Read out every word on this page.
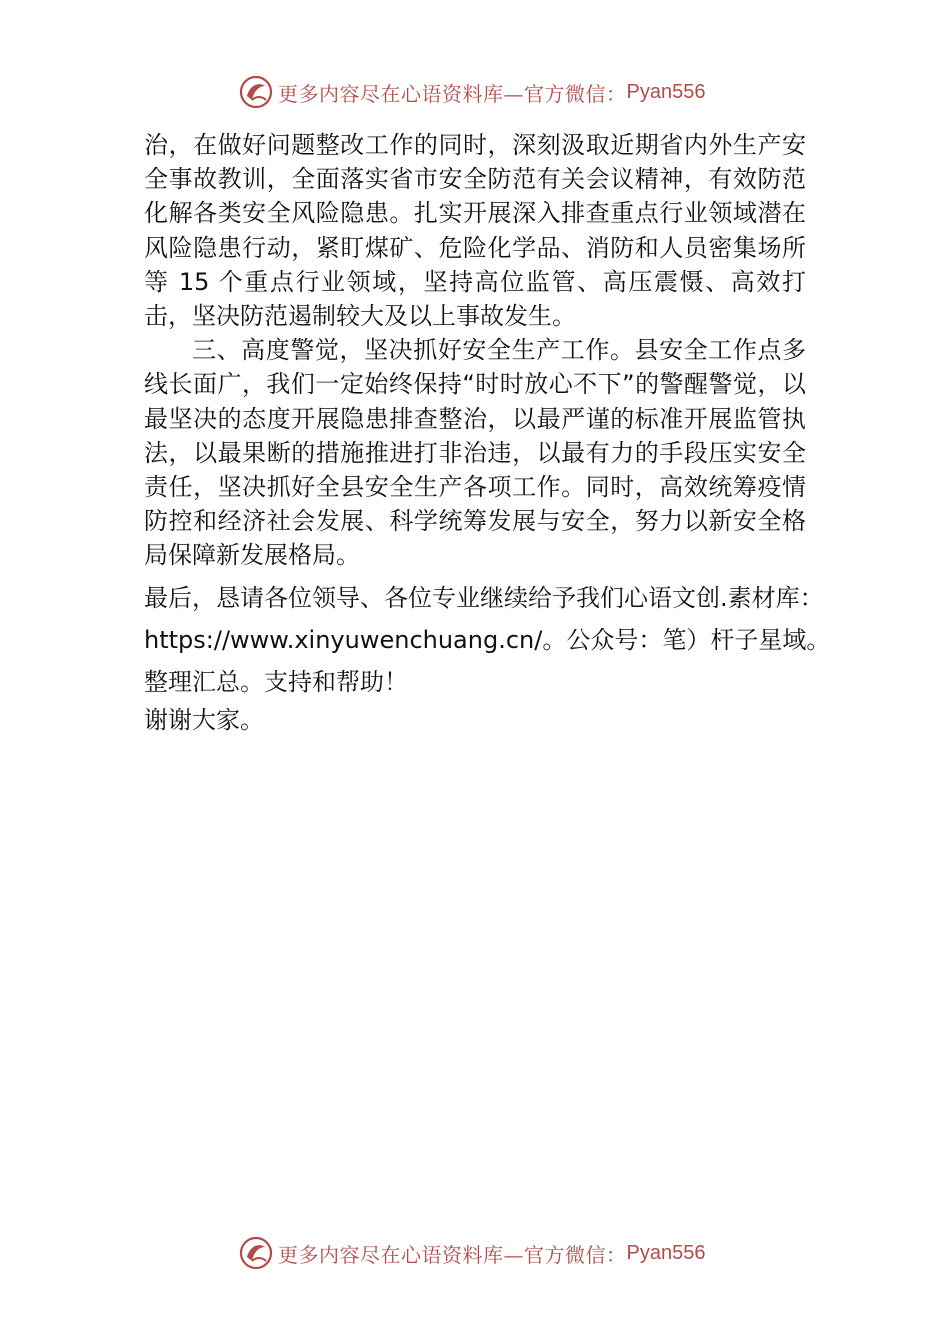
更多内容尽在心语资料库—官方微信： Pyan556

治，在做好问题整改工作的同时，深刻汲取近期省内外生产安全事故教训，全面落实省市安全防范有关会议精神，有效防范化解各类安全风险隐患。扎实开展深入排查重点行业领域潜在风险隐患行动，紧盯煤矿、危险化学品、消防和人员密集场所等 15 个重点行业领域，坚持高位监管、高压震慑、高效打击，坚决防范遏制较大及以上事故发生。

三、高度警觉，坚决抓好安全生产工作。县安全工作点多线长面广，我们一定始终保持“时时放心不下”的警醒警觉，以最坚决的态度开展隐患排查整治，以最严谨的标准开展监管执法，以最果断的措施推进打非治违，以最有力的手段压实安全责任，坚决抓好全县安全生产各项工作。同时，高效统筹疫情防控和经济社会发展、科学统筹发展与安全，努力以新安全格局保障新发展格局。

最后，恳请各位领导、各位专业继续给予我们心语文创.素材库：

https://www.xinyuwenchuang.cn/。公众号：笔）杆子星域。

整理汇总。支持和帮助！

谢谢大家。

更多内容尽在心语资料库—官方微信： Pyan556
